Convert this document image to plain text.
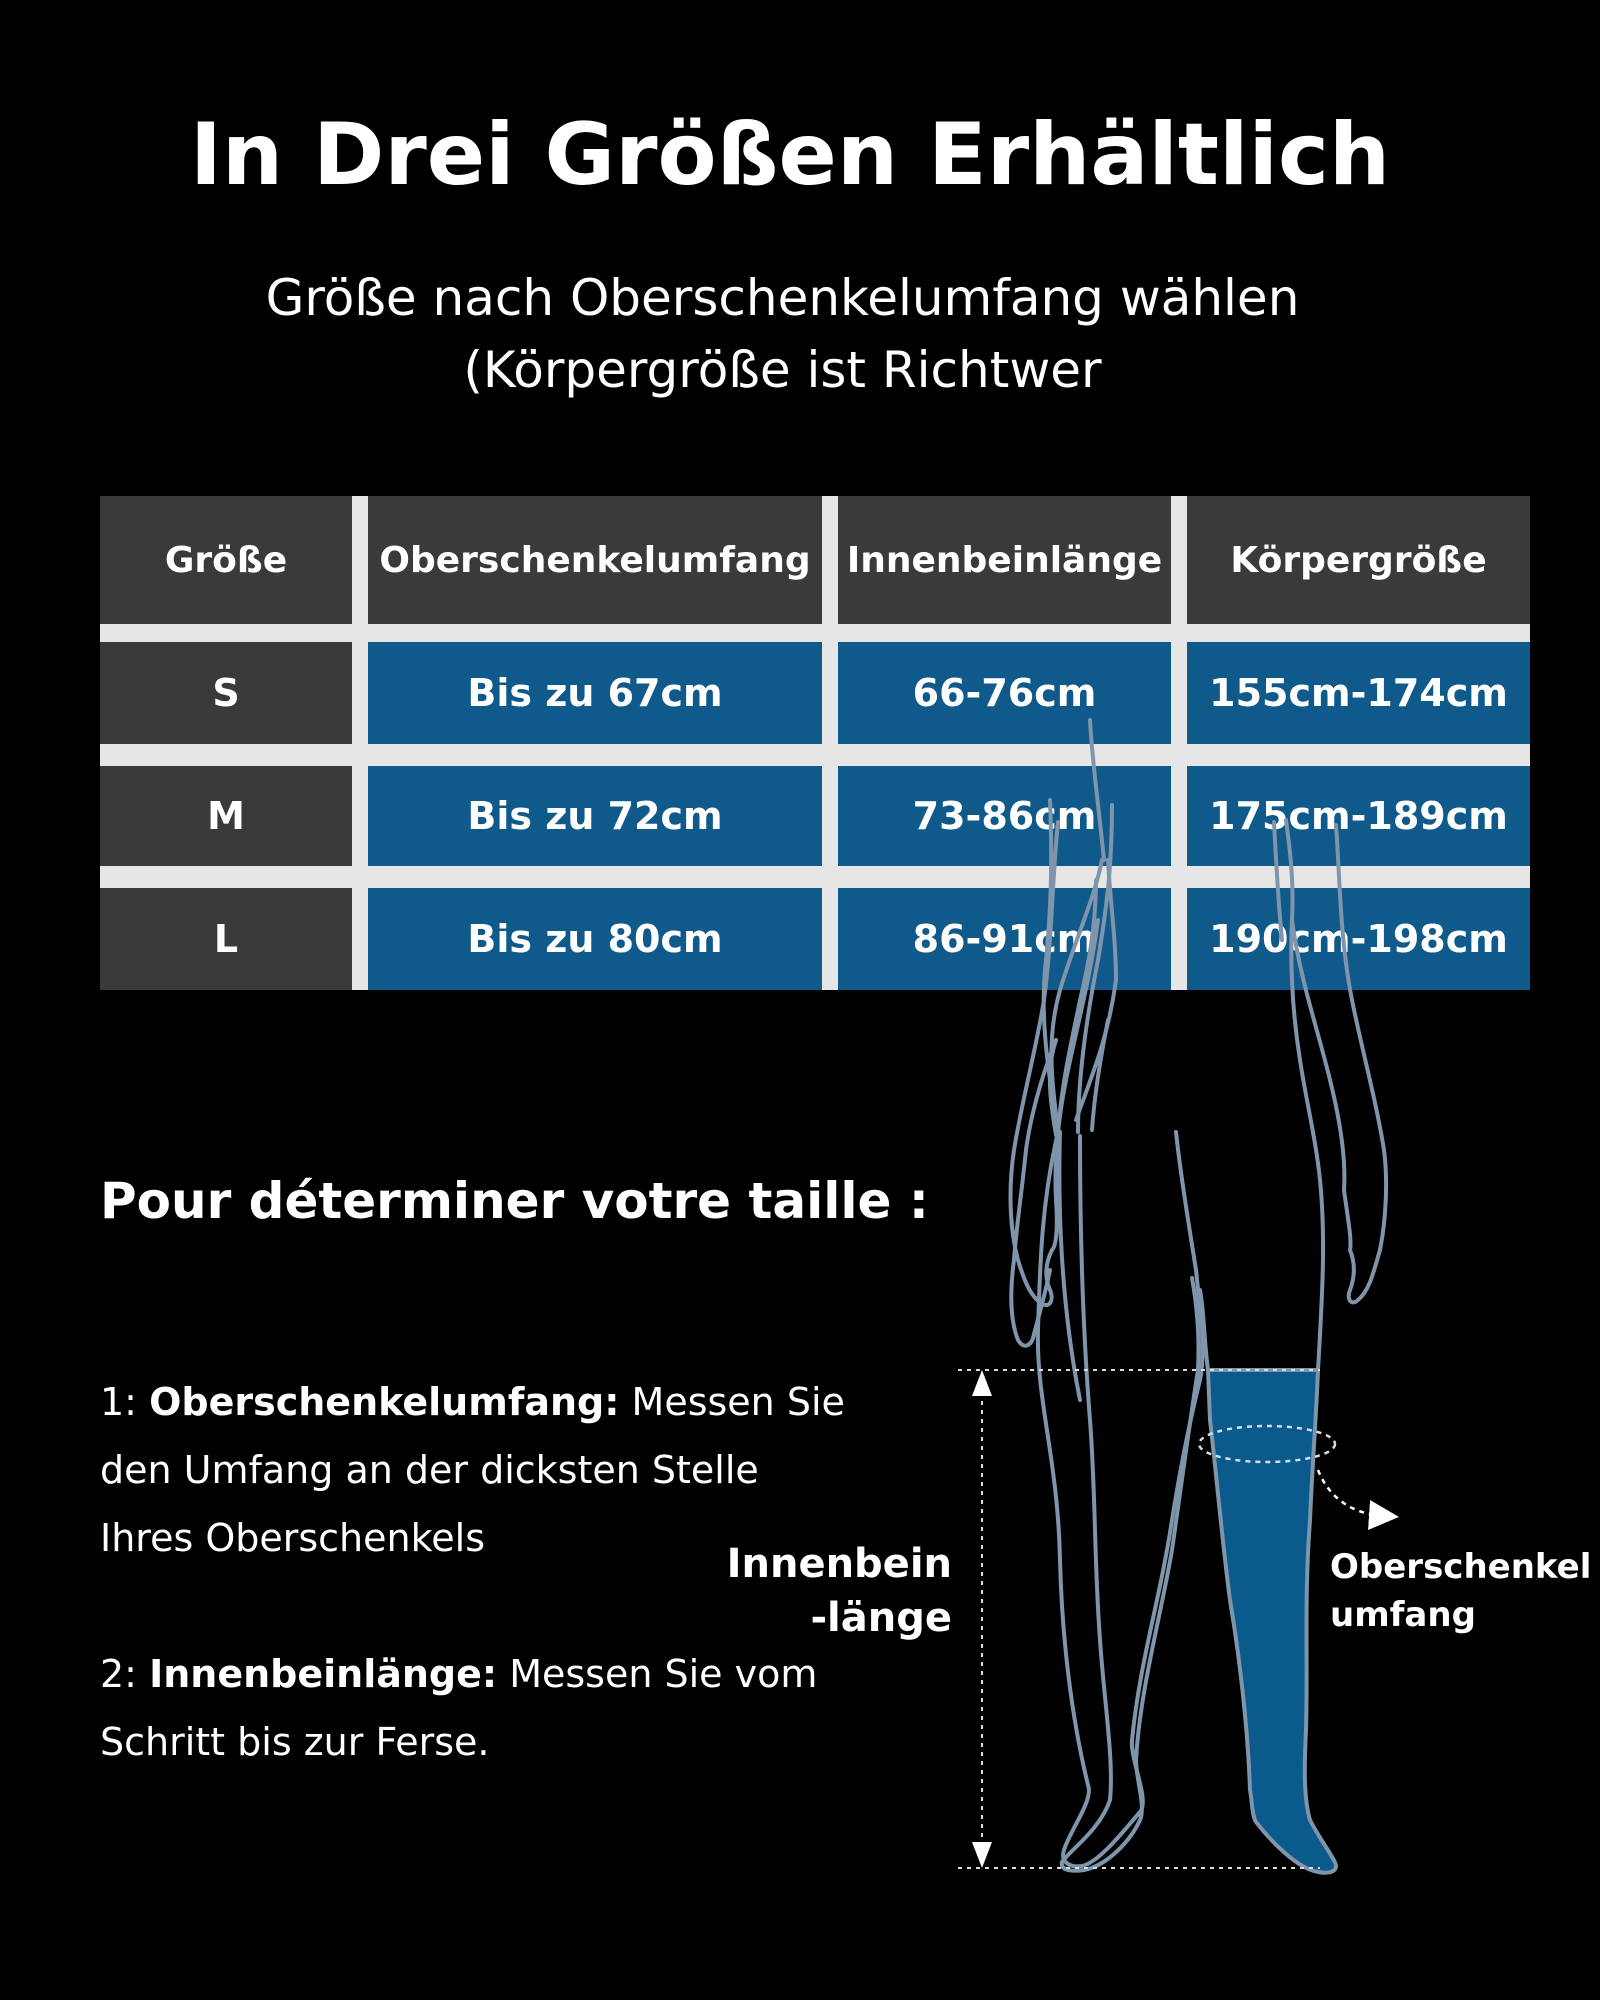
In Drei Größen Erhältlich
Größe nach Oberschenkelumfang wählen
(Körpergröße ist Richtwer
Größe	Oberschenkelumfang	Innenbeinlänge	Körpergröße
S	Bis zu 67cm	66-76cm	155cm-174cm
M	Bis zu 72cm	73-86cm	175cm-189cm
L	Bis zu 80cm	86-91cm	190cm-198cm
Pour déterminer votre taille :

1: Oberschenkelumfang: Messen Sie

den Umfang an der dicksten Stelle

Ihres Oberschenkels

2: Innenbeinlänge: Messen Sie vom

Schritt bis zur Ferse.

Innenbein
-länge
Oberschenkel
umfang
